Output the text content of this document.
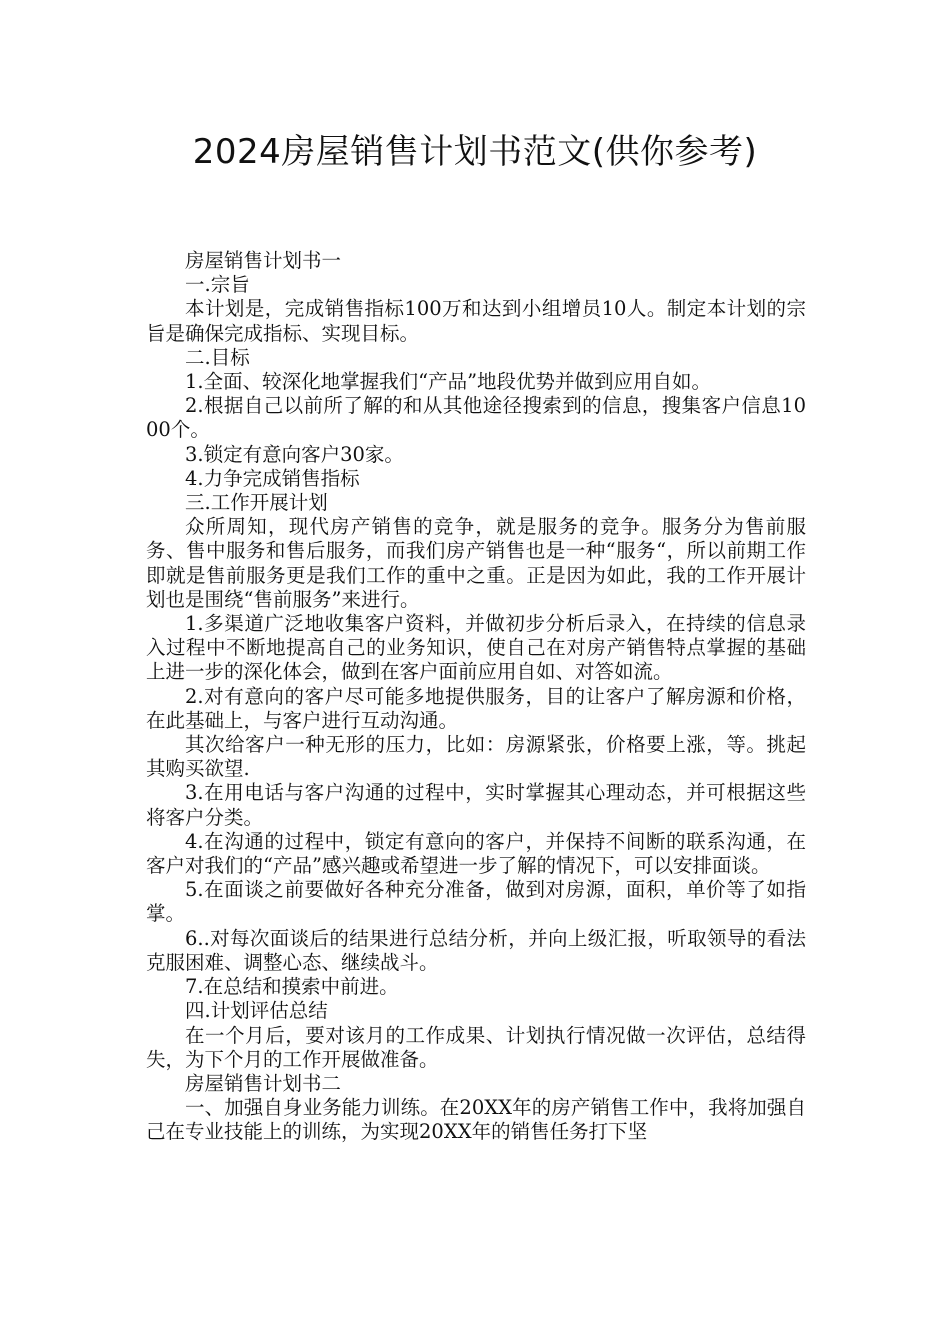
2024房屋销售计划书范文(供你参考)

房屋销售计划书一

一.宗旨

本计划是，完成销售指标100万和达到小组增员10人。制定本计划的宗旨是确保完成指标、实现目标。

二.目标

1.全面、较深化地掌握我们“产品”地段优势并做到应用自如。

2.根据自己以前所了解的和从其他途径搜索到的信息，搜集客户信息1000个。

3.锁定有意向客户30家。

4.力争完成销售指标

三.工作开展计划

众所周知，现代房产销售的竞争，就是服务的竞争。服务分为售前服务、售中服务和售后服务，而我们房产销售也是一种“服务“，所以前期工作即就是售前服务更是我们工作的重中之重。正是因为如此，我的工作开展计划也是围绕“售前服务”来进行。

1.多渠道广泛地收集客户资料，并做初步分析后录入，在持续的信息录入过程中不断地提高自己的业务知识，使自己在对房产销售特点掌握的基础上进一步的深化体会，做到在客户面前应用自如、对答如流。

2.对有意向的客户尽可能多地提供服务，目的让客户了解房源和价格，在此基础上，与客户进行互动沟通。

其次给客户一种无形的压力，比如：房源紧张，价格要上涨，等。挑起其购买欲望.

3.在用电话与客户沟通的过程中，实时掌握其心理动态，并可根据这些将客户分类。

4.在沟通的过程中，锁定有意向的客户，并保持不间断的联系沟通，在客户对我们的“产品”感兴趣或希望进一步了解的情况下，可以安排面谈。

5.在面谈之前要做好各种充分准备，做到对房源，面积，单价等了如指掌。

6..对每次面谈后的结果进行总结分析，并向上级汇报，听取领导的看法克服困难、调整心态、继续战斗。

7.在总结和摸索中前进。

四.计划评估总结

在一个月后，要对该月的工作成果、计划执行情况做一次评估，总结得失，为下个月的工作开展做准备。

房屋销售计划书二

一、加强自身业务能力训练。在20XX年的房产销售工作中，我将加强自己在专业技能上的训练，为实现20XX年的销售任务打下坚
